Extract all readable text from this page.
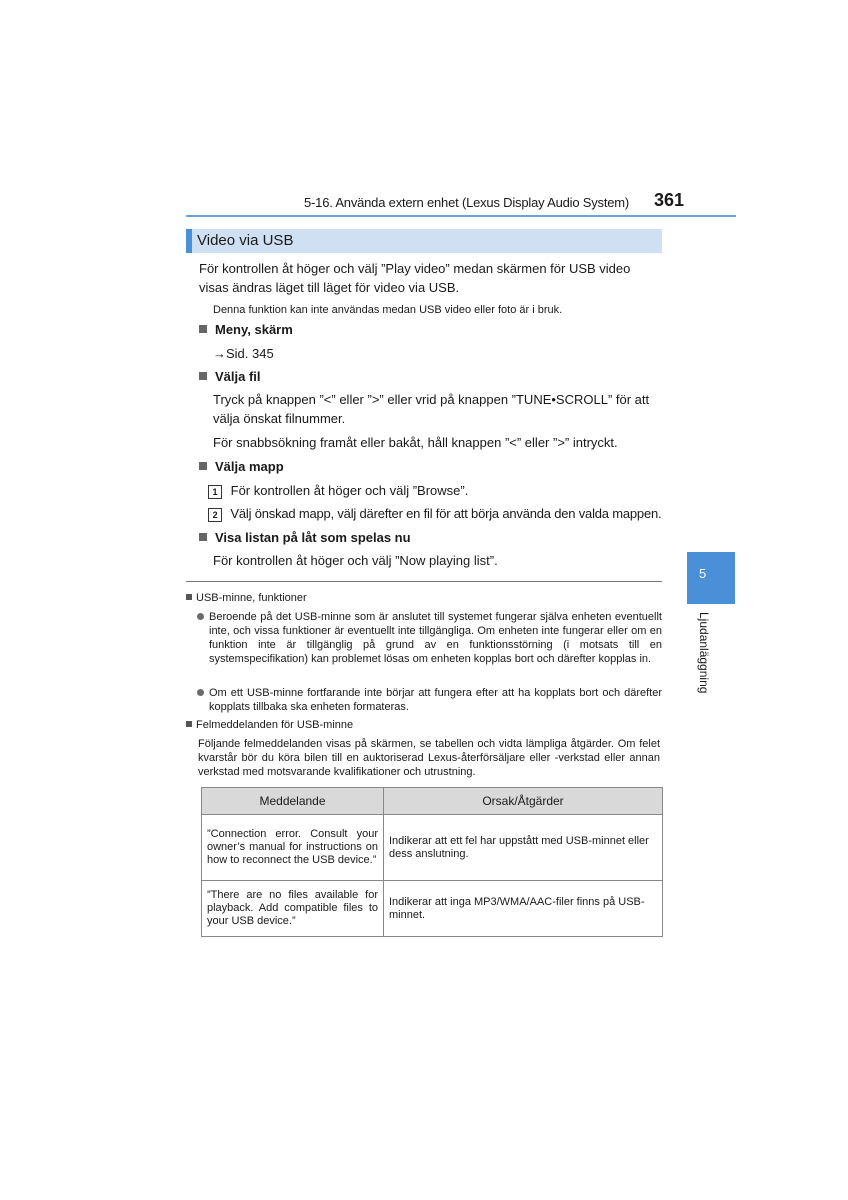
5-16. Använda extern enhet (Lexus Display Audio System) 361
Video via USB
För kontrollen åt höger och välj ”Play video” medan skärmen för USB video visas ändras läget till läget för video via USB.
Denna funktion kan inte användas medan USB video eller foto är i bruk.
Meny, skärm
→Sid. 345
Välja fil
Tryck på knappen ”<” eller ”>” eller vrid på knappen ”TUNE•SCROLL” för att välja önskat filnummer.
För snabbsökning framåt eller bakåt, håll knappen ”<” eller ”>” intryckt.
Välja mapp
1 För kontrollen åt höger och välj ”Browse”.
2 Välj önskad mapp, välj därefter en fil för att börja använda den valda mappen.
Visa listan på låt som spelas nu
För kontrollen åt höger och välj ”Now playing list”.
USB-minne, funktioner
Beroende på det USB-minne som är anslutet till systemet fungerar själva enheten eventuellt inte, och vissa funktioner är eventuellt inte tillgängliga. Om enheten inte fungerar eller om en funktion inte är tillgänglig på grund av en funktionsstörning (i motsats till en systemspecifikation) kan problemet lösas om enheten kopplas bort och därefter kopplas in.
Om ett USB-minne fortfarande inte börjar att fungera efter att ha kopplats bort och därefter kopplats tillbaka ska enheten formateras.
Felmeddelanden för USB-minne
Följande felmeddelanden visas på skärmen, se tabellen och vidta lämpliga åtgärder. Om felet kvarstår bör du köra bilen till en auktoriserad Lexus-återförsäljare eller -verkstad eller annan verkstad med motsvarande kvalifikationer och utrustning.
Meddelande	Orsak/Åtgärder
”Connection error. Consult your owner’s manual for instructions on how to reconnect the USB device.”	Indikerar att ett fel har uppstått med USB-minnet eller dess anslutning.
”There are no files available for playback. Add compatible files to your USB device.”	Indikerar att inga MP3/WMA/AAC-filer finns på USB-minnet.
5
Ljudanläggning
